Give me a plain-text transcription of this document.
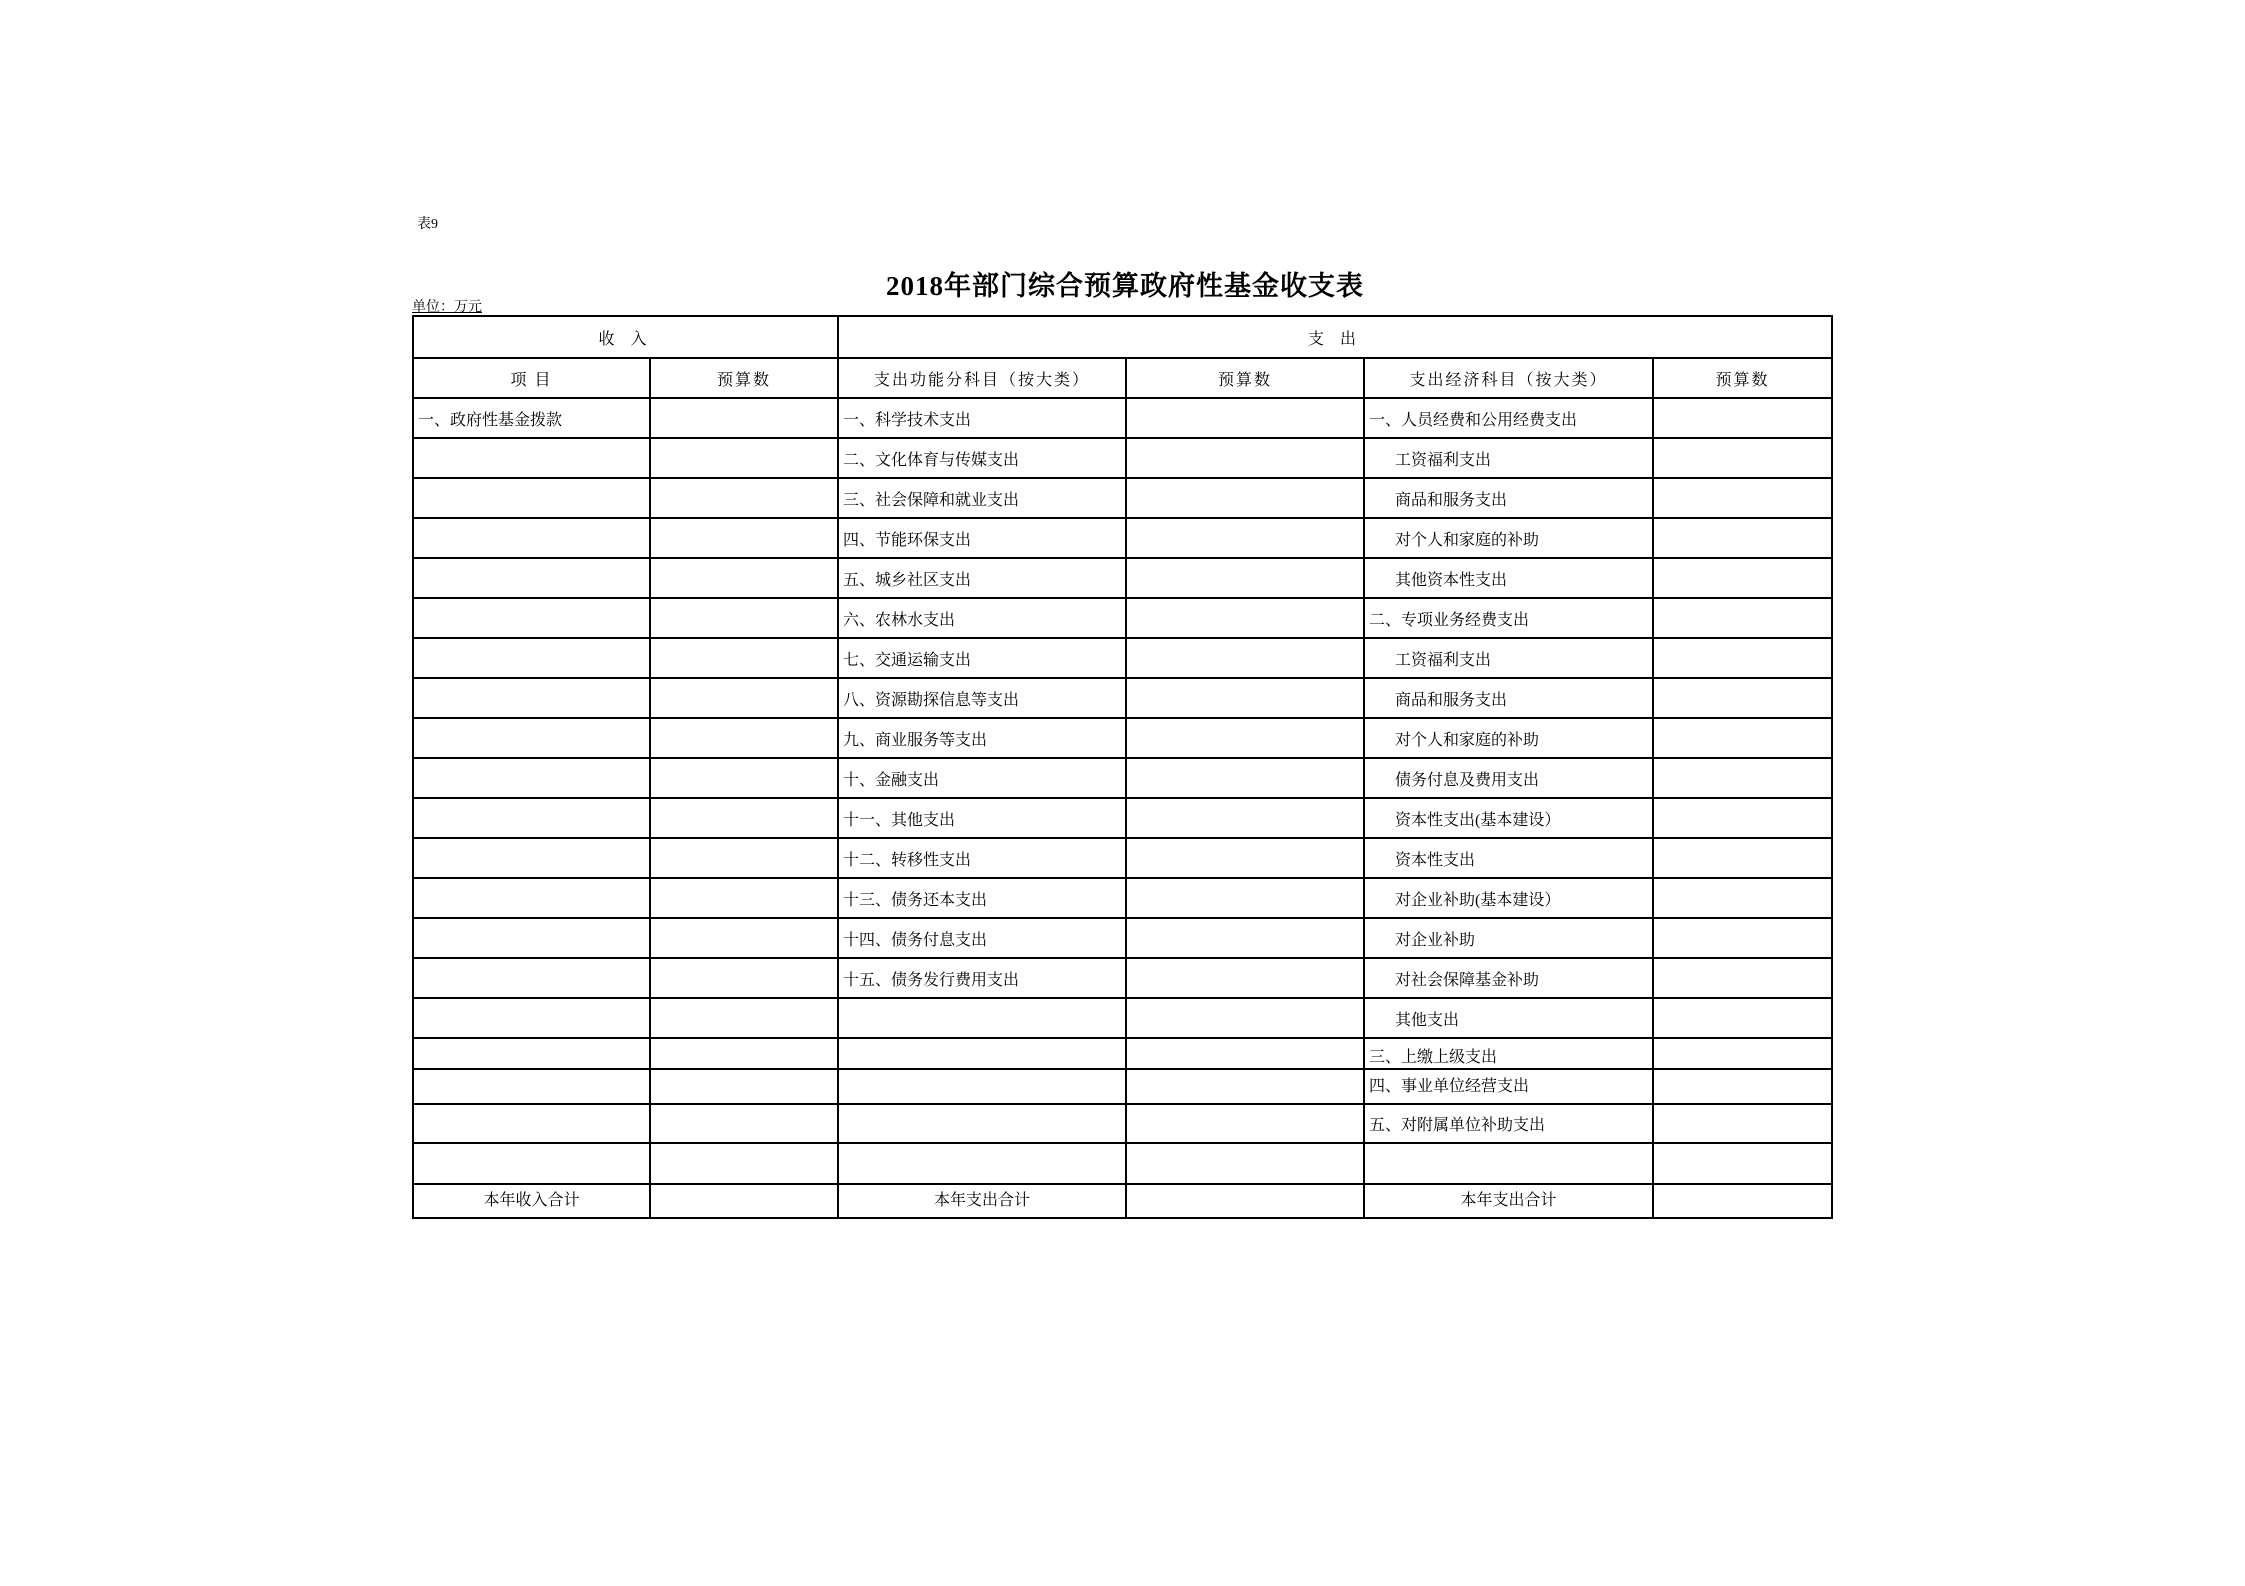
表9
2018年部门综合预算政府性基金收支表
单位：万元
收 入		支 出			
项 目	预算数	支出功能分科目（按大类）	预算数	支出经济科目（按大类）	预算数
一、政府性基金拨款		一、科学技术支出		一、人员经费和公用经费支出	
		二、文化体育与传媒支出		工资福利支出	
		三、社会保障和就业支出		商品和服务支出	
		四、节能环保支出		对个人和家庭的补助	
		五、城乡社区支出		其他资本性支出	
		六、农林水支出		二、专项业务经费支出	
		七、交通运输支出		工资福利支出	
		八、资源勘探信息等支出		商品和服务支出	
		九、商业服务等支出		对个人和家庭的补助	
		十、金融支出		债务付息及费用支出	
		十一、其他支出		资本性支出(基本建设）	
		十二、转移性支出		资本性支出	
		十三、债务还本支出		对企业补助(基本建设）	
		十四、债务付息支出		对企业补助	
		十五、债务发行费用支出		对社会保障基金补助	
				其他支出	
				三、上缴上级支出	
				四、事业单位经营支出	
				五、对附属单位补助支出	

本年收入合计		本年支出合计		本年支出合计	
